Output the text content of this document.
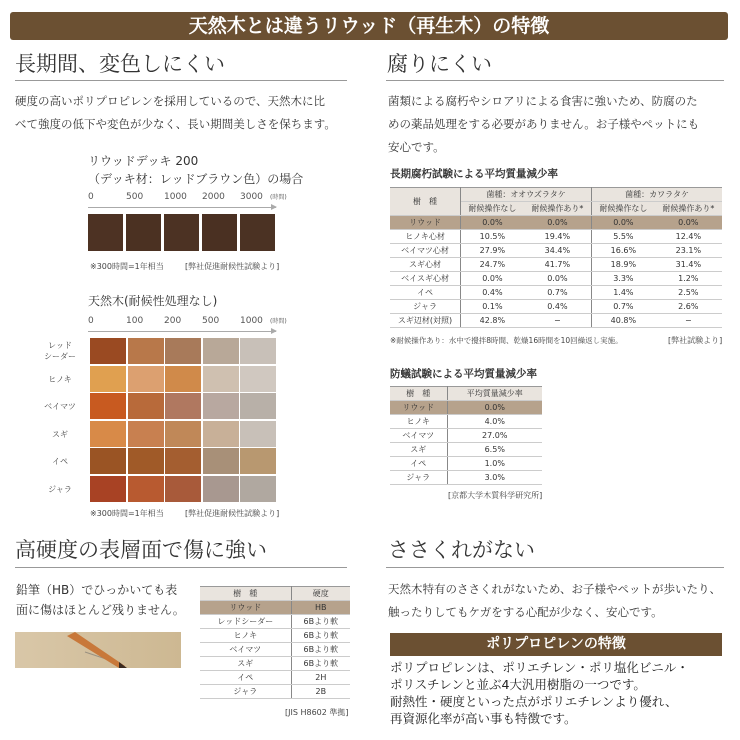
天然木とは違うリウッド（再生木）の特徴
長期間、変色しにくい
硬度の高いポリプロピレンを採用しているので、天然木に比
べて強度の低下や変色が少なく、長い期間美しさを保ちます。
リウッドデッキ 200
（デッキ材：レッドブラウン色）の場合
0	500 1000 2000 3000 (時間)
※300時間=1年相当	[弊社促進耐候性試験より]
天然木(耐候性処理なし)
0	100 200 500 1000 (時間)
レッド
シーダー
ヒノキ
ベイマツ
スギ
イペ
ジャラ
※300時間=1年相当	[弊社促進耐候性試験より]
腐りにくい
菌類による腐朽やシロアリによる食害に強いため、防腐のた
めの薬品処理をする必要がありません。お子様やペットにも
安心です。
長期腐朽試験による平均質量減少率
樹　種	菌種：オオウズラタケ		菌種：カワラタケ	
	耐候操作なし	耐候操作あり*	耐候操作なし	耐候操作あり*
リウッド	0.0%	0.0%	0.0%	0.0%
ヒノキ心材	10.5%	19.4%	5.5%	12.4%
ベイマツ心材	27.9%	34.4%	16.6%	23.1%
スギ心材	24.7%	41.7%	18.9%	31.4%
ベイスギ心材	0.0%	0.0%	3.3%	1.2%
イペ	0.4%	0.7%	1.4%	2.5%
ジャラ	0.1%	0.4%	0.7%	2.6%
スギ辺材(対照)	42.8%	−	40.8%	−
※耐候操作あり：水中で攪拌8時間、乾燥16時間を10回繰返し実施。	[弊社試験より]
防蟻試験による平均質量減少率
樹　種	平均質量減少率
リウッド	0.0%
ヒノキ	4.0%
ベイマツ	27.0%
スギ	6.5%
イペ	1.0%
ジャラ	3.0%
[京都大学木質科学研究所]
高硬度の表層面で傷に強い
鉛筆（HB）でひっかいても表
面に傷はほとんど残りません。
樹　種	硬度
リウッド	HB
レッドシーダー	6Bより軟
ヒノキ	6Bより軟
ベイマツ	6Bより軟
スギ	6Bより軟
イペ	2H
ジャラ	2B
[JIS H8602 準拠]
ささくれがない
天然木特有のささくれがないため、お子様やペットが歩いたり、
触ったりしてもケガをする心配が少なく、安心です。
ポリプロピレンの特徴
ポリプロピレンは、ポリエチレン・ポリ塩化ビニル・
ポリスチレンと並ぶ4大汎用樹脂の一つです。
耐熱性・硬度といった点がポリエチレンより優れ、
再資源化率が高い事も特徴です。
